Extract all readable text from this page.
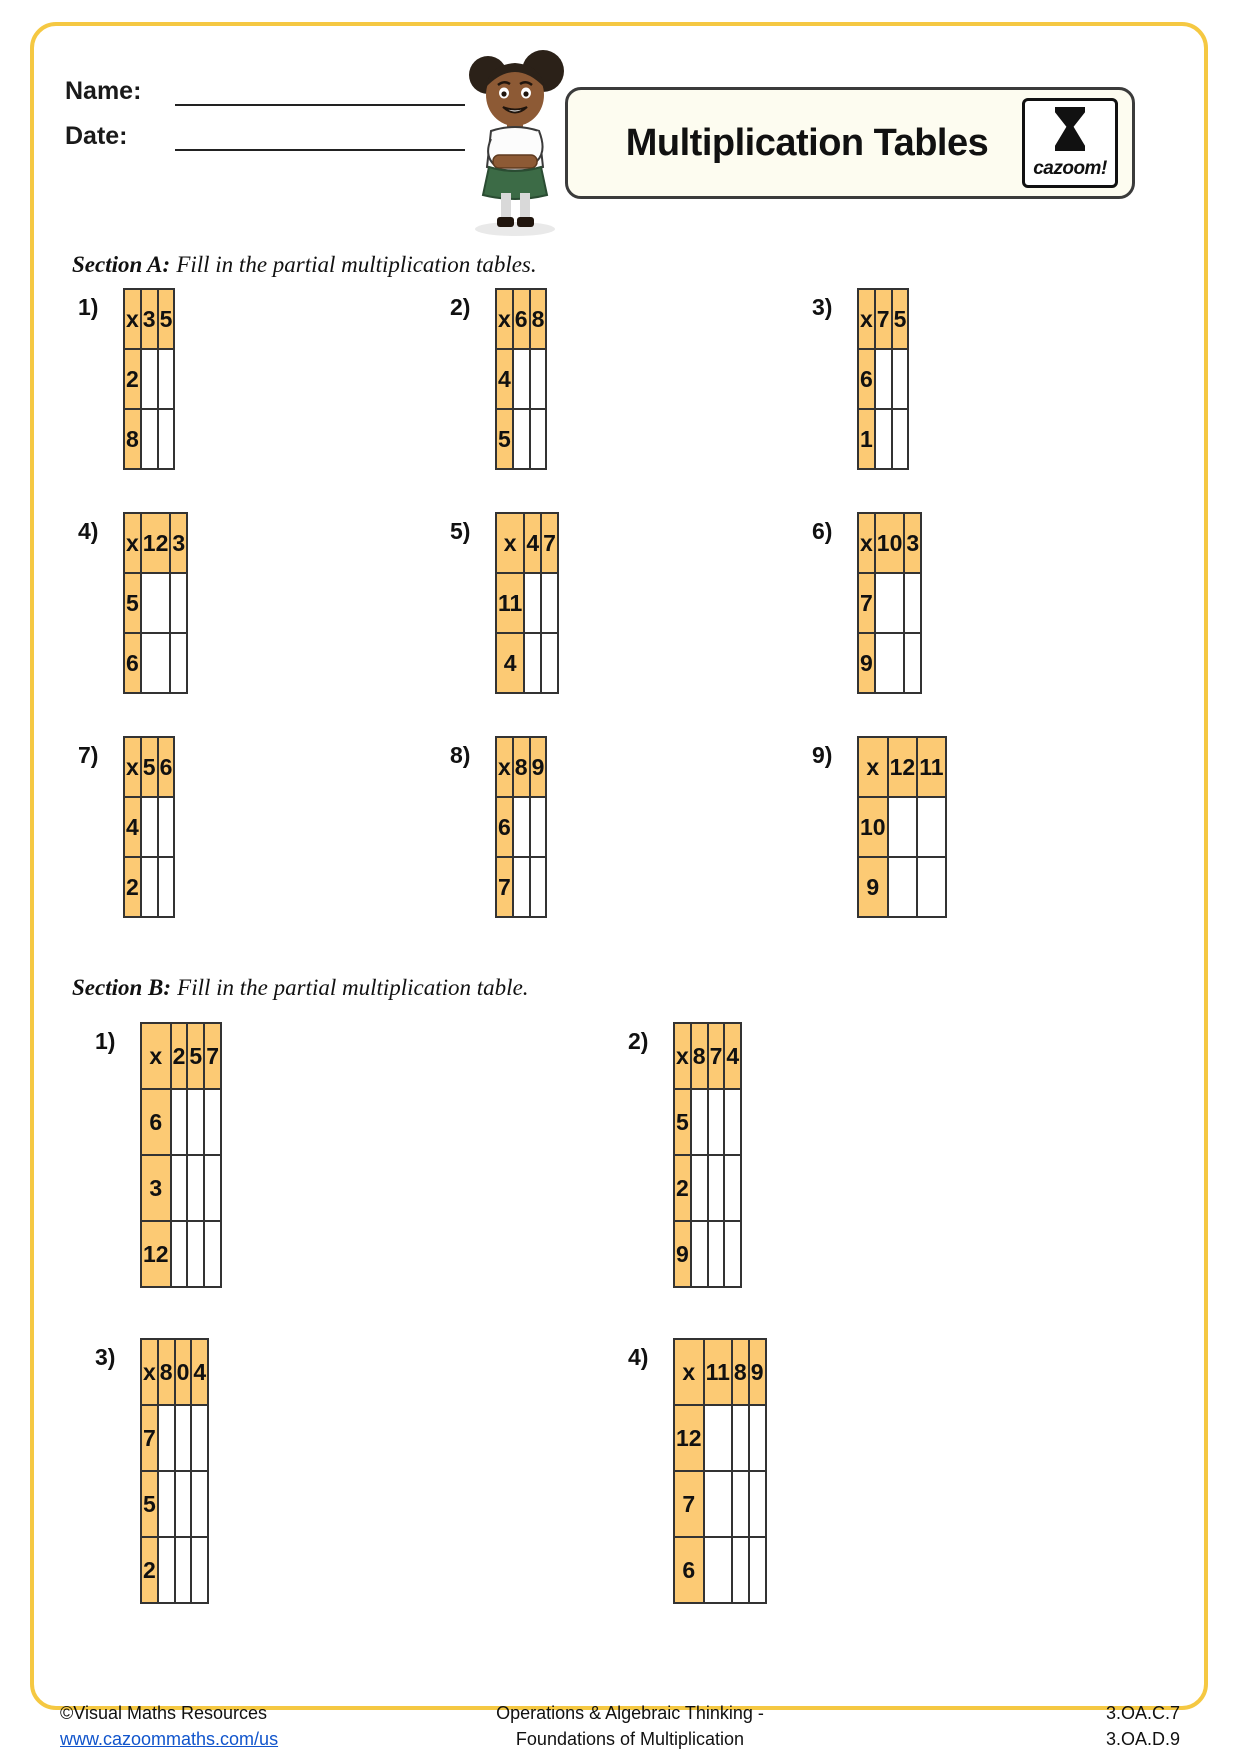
Name:
Date:	Multiplication Tables
cazoom!
Section A: Fill in the partial multiplication tables.
1) x	3	5
2		
8		
2) x	6	8
4		
5		
3) x	7	5
6		
1		
4) x	12	3
5		
6		
5) x	4	7
11		
4		
6) x	10	3
7		
9		
7) x	5	6
4		
2		
8) x	8	9
6		
7		
9) x	12	11
10		
9		
Section B: Fill in the partial multiplication table.
1)
x	2	5	7
6			
3			
12			
2)
x	8	7	4
5			
2			
9			
3)
x	8	0	4
7			
5			
2			
4)
x	11	8	9
12			
7			
6			
©Visual Maths Resources
www.cazoommaths.com/us
Operations & Algebraic Thinking -
Foundations of Multiplication
3.OA.C.7
3.OA.D.9
